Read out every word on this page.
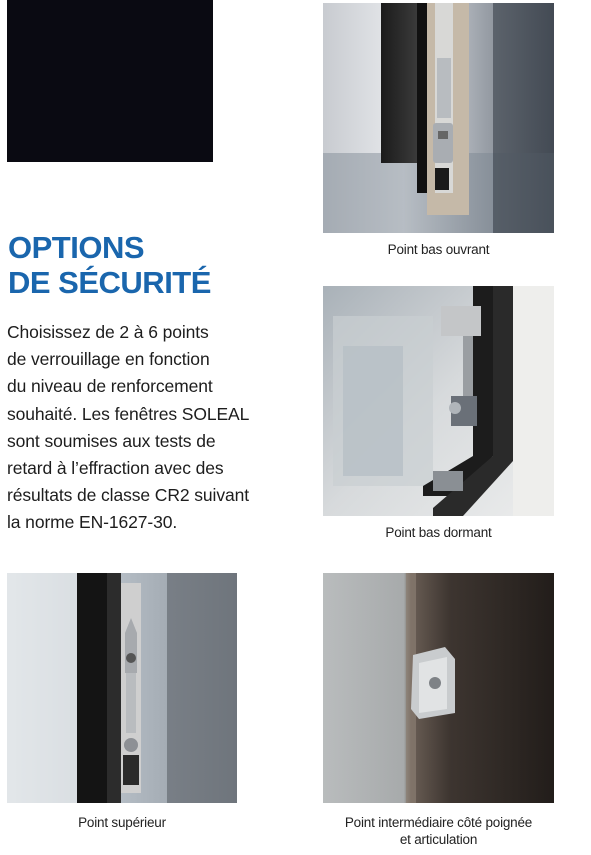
OPTIONS
DE SÉCURITÉ

Choisissez de 2 à 6 points
de verrouillage en fonction
du niveau de renforcement
souhaité. Les fenêtres SOLEAL
sont soumises aux tests de
retard à l’effraction avec des
résultats de classe CR2 suivant
la norme EN-1627-30.

Point bas ouvrant
Point bas dormant
Point supérieur	Point intermédiaire côté poignée
et articulation
